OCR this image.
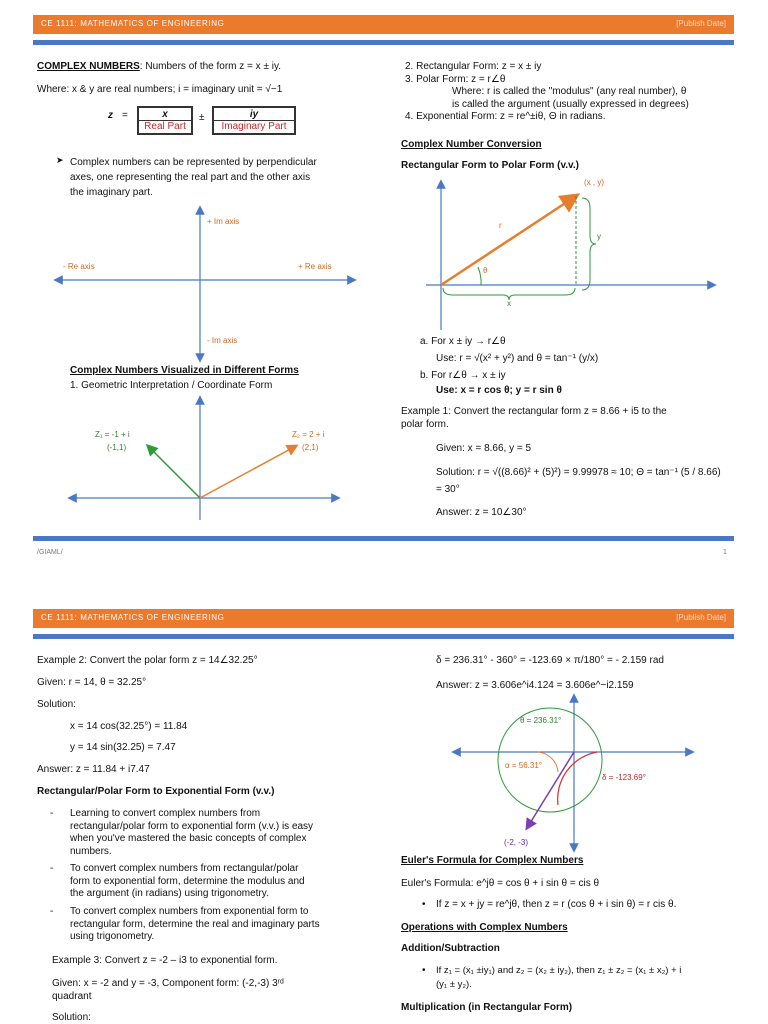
CE 1111: MATHEMATICS OF ENGINEERING	[Publish Date]
COMPLEX NUMBERS: Numbers of the form z = x ± iy.
Where: x & y are real numbers; i = imaginary unit = √−1
z =	x
Real Part
±	iy
Imaginary Part
➤ Complex numbers can be represented by perpendicular
axes, one representing the real part and the other axis
the imaginary part.
+ Im axis
- Im axis
- Re axis	+ Re axis
Complex Numbers Visualized in Different Forms
1. Geometric Interpretation / Coordinate Form
Z₁ = -1 + i
(-1,1)
Z₂ = 2 + i
(2,1)
2. Rectangular Form: z = x ± iy
3. Polar Form: z = r∠θ
Where: r is called the "modulus" (any real number), θ
is called the argument (usually expressed in degrees)
4. Exponential Form: z = re^±iθ, Θ in radians.
Complex Number Conversion
Rectangular Form to Polar Form (v.v.)
(x , y)
r
y
θ
x
a. For x ± iy → r∠θ
Use: r = √(x² + y²) and θ = tan⁻¹ (y/x)
b. For r∠θ → x ± iy
Use: x = r cos θ; y = r sin θ
Example 1: Convert the rectangular form z = 8.66 + i5 to the
polar form.
Given: x = 8.66, y = 5
Solution: r = √((8.66)² + (5)²) = 9.99978 ≈ 10; Θ = tan⁻¹ (5 / 8.66)
= 30°
Answer: z = 10∠30°
/GIAML/	1
CE 1111: MATHEMATICS OF ENGINEERING	[Publish Date]
Example 2: Convert the polar form z = 14∠32.25°
Given: r = 14, θ = 32.25°
Solution:
x = 14 cos(32.25°) = 11.84
y = 14 sin(32.25) = 7.47
Answer: z = 11.84 + i7.47
Rectangular/Polar Form to Exponential Form (v.v.)
- Learning to convert complex numbers from
rectangular/polar form to exponential form (v.v.) is easy
when you've mastered the basic concepts of complex
numbers.
- To convert complex numbers from rectangular/polar
form to exponential form, determine the modulus and
the argument (in radians) using trigonometry.
- To convert complex numbers from exponential form to
rectangular form, determine the real and imaginary parts
using trigonometry.
Example 3: Convert z = -2 – i3 to exponential form.
Given: x = -2 and y = -3, Component form: (-2,-3) 3ʳᵈ
quadrant
Solution:
δ = 236.31° - 360° = -123.69 × π/180° = - 2.159 rad
Answer: z = 3.606e^i4.124 = 3.606e^−i2.159
θ = 236.31°
α = 56.31°
δ = -123.69°
(-2, -3)
Euler's Formula for Complex Numbers
Euler's Formula: e^jθ = cos θ + i sin θ = cis θ
• If z = x + jy = re^jθ, then z = r (cos θ + i sin θ) = r cis θ.
Operations with Complex Numbers
Addition/Subtraction
• If z₁ = (x₁ ±iy₁) and z₂ = (x₂ ± iy₂), then z₁ ± z₂ = (x₁ ± x₂) + i
(y₁ ± y₂).
Multiplication (in Rectangular Form)
